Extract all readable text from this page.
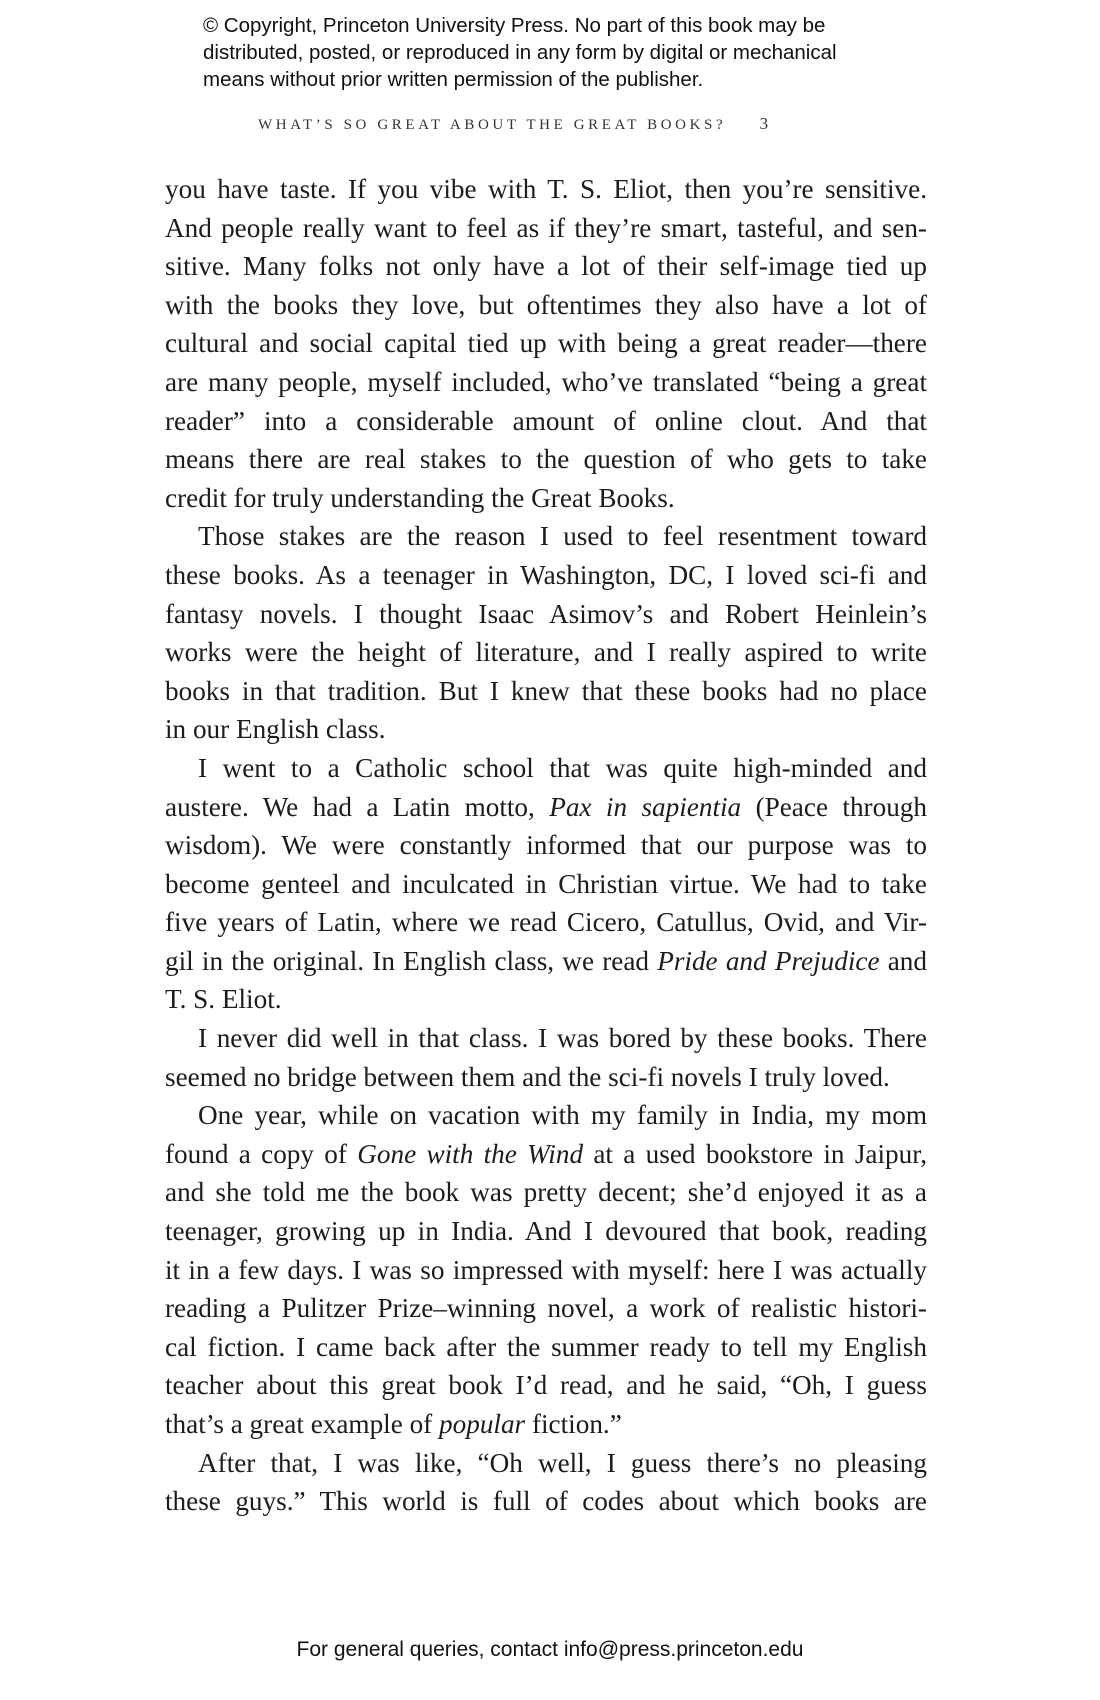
© Copyright, Princeton University Press. No part of this book may be
distributed, posted, or reproduced in any form by digital or mechanical
means without prior written permission of the publisher.
WHAT’S SO GREAT ABOUT THE GREAT BOOKS? 3
you have taste. If you vibe with T. S. Eliot, then you’re sensitive.
And people really want to feel as if they’re smart, tasteful, and sen-
sitive. Many folks not only have a lot of their self-image tied up
with the books they love, but oftentimes they also have a lot of
cultural and social capital tied up with being a great reader—there
are many people, myself included, who’ve translated “being a great
reader” into a considerable amount of online clout. And that
means there are real stakes to the question of who gets to take
credit for truly understanding the Great Books.
Those stakes are the reason I used to feel resentment toward
these books. As a teenager in Washington, DC, I loved sci-fi and
fantasy novels. I thought Isaac Asimov’s and Robert Heinlein’s
works were the height of literature, and I really aspired to write
books in that tradition. But I knew that these books had no place
in our English class.
I went to a Catholic school that was quite high-minded and
austere. We had a Latin motto, Pax in sapientia (Peace through
wisdom). We were constantly informed that our purpose was to
become genteel and inculcated in Christian virtue. We had to take
five years of Latin, where we read Cicero, Catullus, Ovid, and Vir-
gil in the original. In English class, we read Pride and Prejudice and
T. S. Eliot.
I never did well in that class. I was bored by these books. There
seemed no bridge between them and the sci-fi novels I truly loved.
One year, while on vacation with my family in India, my mom
found a copy of Gone with the Wind at a used bookstore in Jaipur,
and she told me the book was pretty decent; she’d enjoyed it as a
teenager, growing up in India. And I devoured that book, reading
it in a few days. I was so impressed with myself: here I was actually
reading a Pulitzer Prize–winning novel, a work of realistic histori-
cal fiction. I came back after the summer ready to tell my English
teacher about this great book I’d read, and he said, “Oh, I guess
that’s a great example of popular fiction.”
After that, I was like, “Oh well, I guess there’s no pleasing
these guys.” This world is full of codes about which books are
For general queries, contact info@press.princeton.edu
